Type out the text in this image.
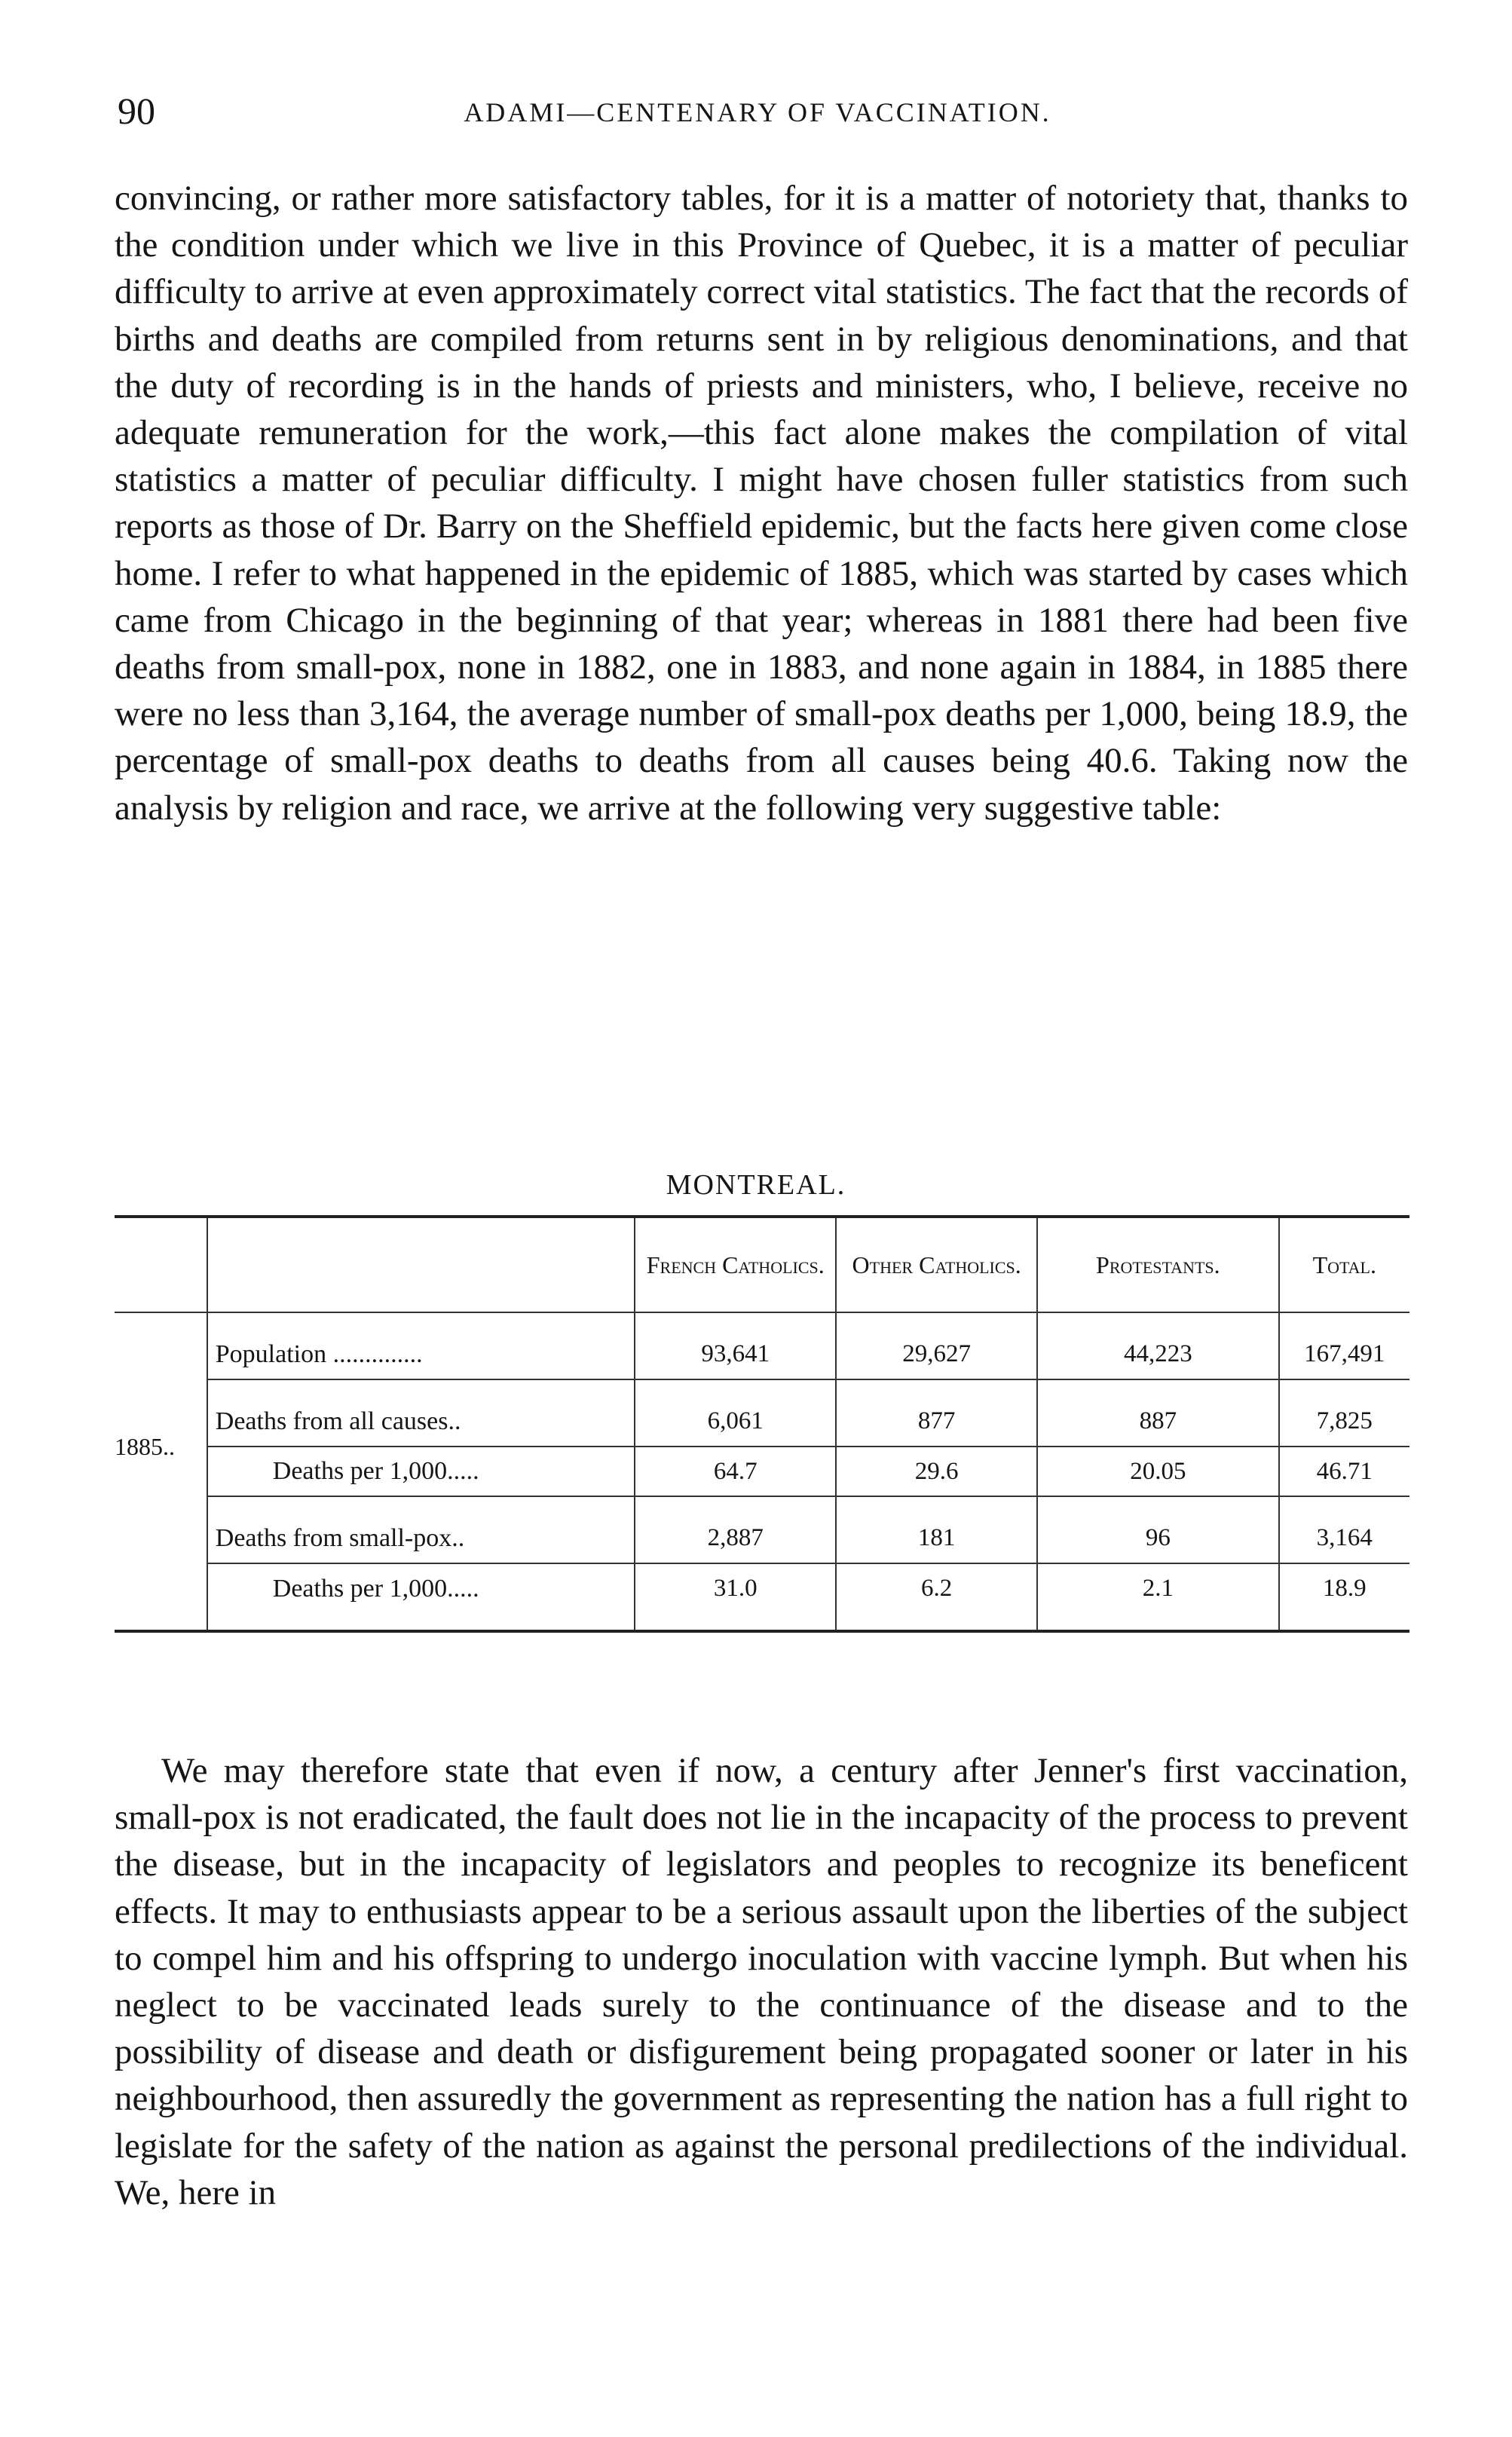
90	ADAMI—CENTENARY OF VACCINATION.

convincing, or rather more satisfactory tables, for it is a matter of notoriety that, thanks to the condition under which we live in this Province of Quebec, it is a matter of peculiar difficulty to arrive at even approximately correct vital statistics. The fact that the records of births and deaths are compiled from returns sent in by religious denominations, and that the duty of recording is in the hands of priests and ministers, who, I believe, receive no adequate remuneration for the work,—this fact alone makes the compilation of vital statistics a matter of peculiar difficulty. I might have chosen fuller statistics from such reports as those of Dr. Barry on the Sheffield epidemic, but the facts here given come close home. I refer to what happened in the epidemic of 1885, which was started by cases which came from Chicago in the beginning of that year; whereas in 1881 there had been five deaths from small-pox, none in 1882, one in 1883, and none again in 1884, in 1885 there were no less than 3,164, the average number of small-pox deaths per 1,000, being 18.9, the percentage of small-pox deaths to deaths from all causes being 40.6. Taking now the analysis by religion and race, we arrive at the following very suggestive table:

MONTREAL.
		French Catholics.	Other Catholics.	Protestants.	Total.

	Population ..............	93,641	29,627	44,223	167,491

1885..	Deaths from all causes..	6,061	877	887	7,825
	Deaths per 1,000.....	64.7	29.6	20.05	46.71

	Deaths from small-pox..	2,887	181	96	3,164
	Deaths per 1,000.....	31.0	6.2	2.1	18.9

We may therefore state that even if now, a century after Jenner's first vaccination, small-pox is not eradicated, the fault does not lie in the incapacity of the process to prevent the disease, but in the incapacity of legislators and peoples to recognize its beneficent effects. It may to enthusiasts appear to be a serious assault upon the liberties of the subject to compel him and his offspring to undergo inoculation with vaccine lymph. But when his neglect to be vaccinated leads surely to the continuance of the disease and to the possibility of disease and death or disfigurement being propagated sooner or later in his neighbourhood, then assuredly the government as representing the nation has a full right to legislate for the safety of the nation as against the personal predilections of the individual. We, here in
